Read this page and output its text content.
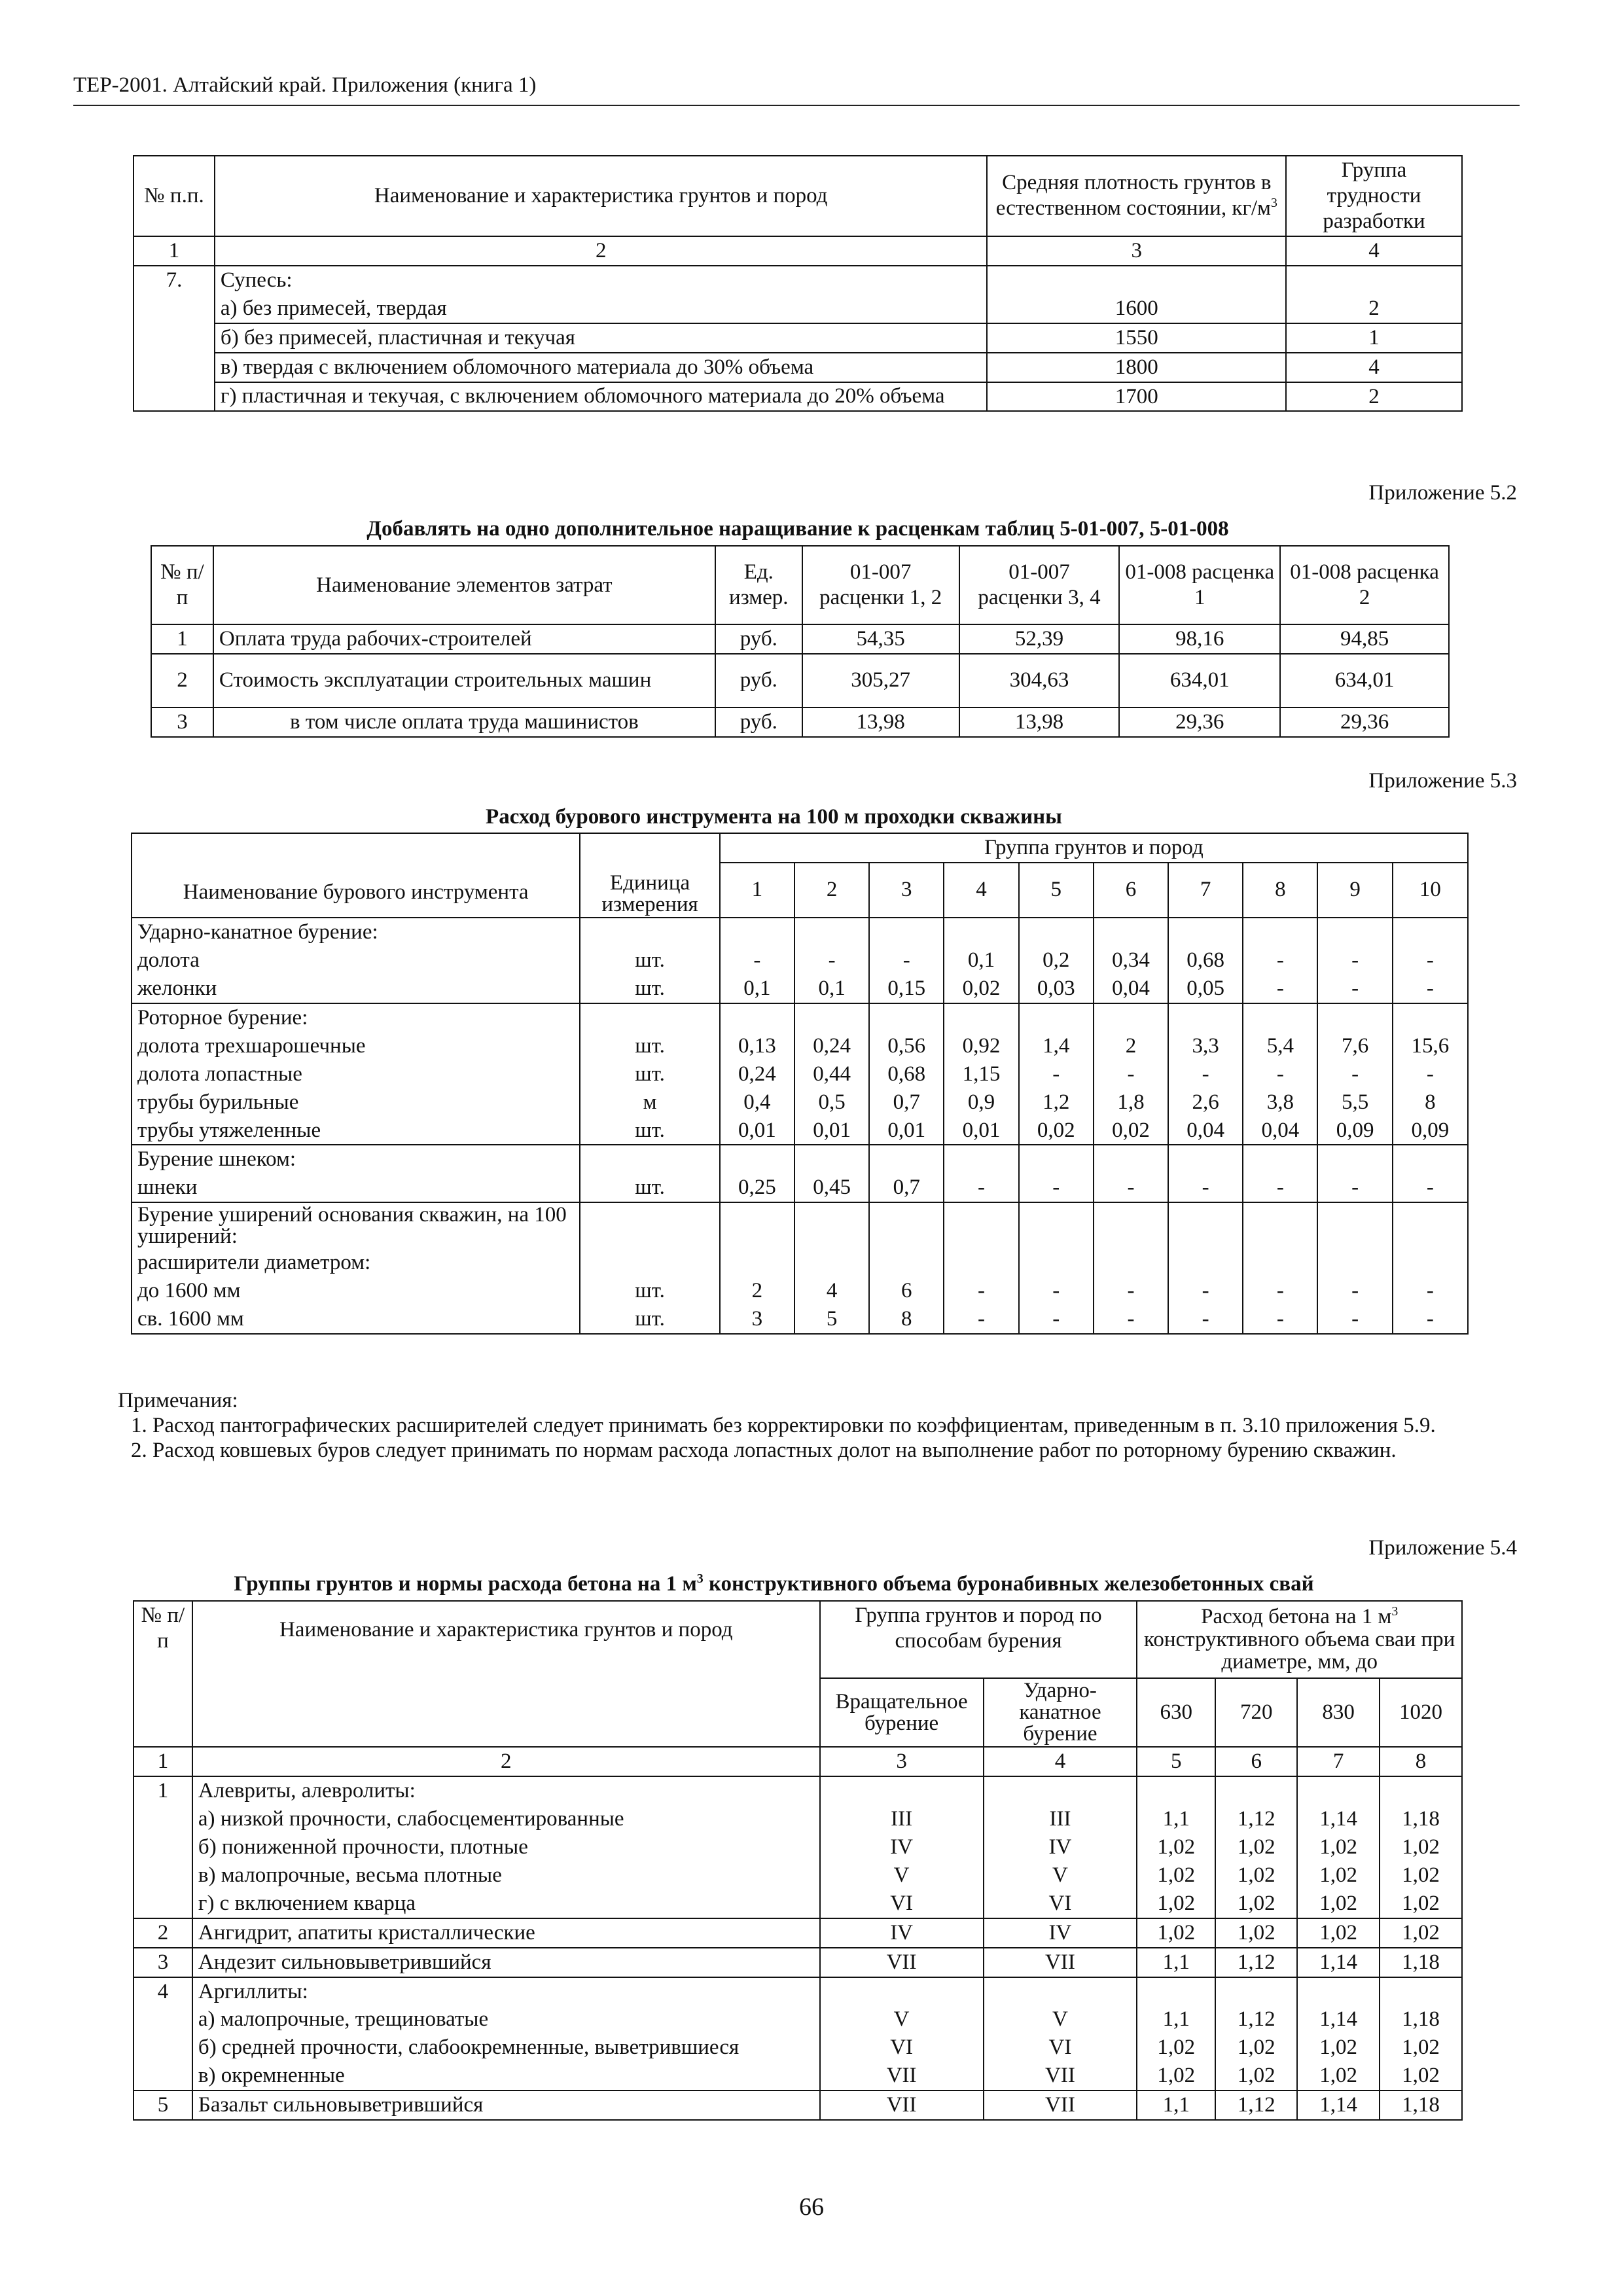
ТЕР-2001. Алтайский край. Приложения (книга 1)
№ п.п.	Наименование и характеристика грунтов и пород	Средняя плотность грунтов в естественном состоянии, $кг/м^3$	Группа трудности разработки
1	2	3	4
7.	Супесь:		
	а) без примесей, твердая	1600	2
	б) без примесей, пластичная и текучая	1550	1
	в) твердая с включением обломочного материала до 30% объема	1800	4
	г) пластичная и текучая, с включением обломочного материала до 20% объема	1700	2
Приложение 5.2
Добавлять на одно дополнительное наращивание к расценкам таблиц 5-01-007, 5-01-008
№ п/п	Наименование элементов затрат	Ед. измер.	01-007 расценки 1, 2	01-007 расценки 3, 4	01-008 расценка 1	01-008 расценка 2
1	Оплата труда рабочих-строителей	руб.	54,35	52,39	98,16	94,85
2	Стоимость эксплуатации строительных машин	руб.	305,27	304,63	634,01	634,01
3	в том числе оплата труда машинистов	руб.	13,98	13,98	29,36	29,36
Приложение 5.3
Расход бурового инструмента на 100 м проходки скважины
Наименование бурового инструмента	Единица измерения	Группа грунтов и пород									
		1	2	3	4	5	6	7	8	9	10
Ударно-канатное бурение:											
долота	шт.	-	-	-	0,1	0,2	0,34	0,68	-	-	-
желонки	шт.	0,1	0,1	0,15	0,02	0,03	0,04	0,05	-	-	-
Роторное бурение:											
долота трехшарошечные	шт.	0,13	0,24	0,56	0,92	1,4	2	3,3	5,4	7,6	15,6
долота лопастные	шт.	0,24	0,44	0,68	1,15	-	-	-	-	-	-
трубы бурильные	м	0,4	0,5	0,7	0,9	1,2	1,8	2,6	3,8	5,5	8
трубы утяжеленные	шт.	0,01	0,01	0,01	0,01	0,02	0,02	0,04	0,04	0,09	0,09
Бурение шнеком:											
шнеки	шт.	0,25	0,45	0,7	-	-	-	-	-	-	-
Бурение уширений основания скважин, на 100 уширений:											
расширители диаметром:											
до 1600 мм	шт.	2	4	6	-	-	-	-	-	-	-
св. 1600 мм	шт.	3	5	8	-	-	-	-	-	-	-
Примечания:
1. Расход пантографических расширителей следует принимать без корректировки по коэффициентам, приведенным в п. 3.10 приложения 5.9.
2. Расход ковшевых буров следует принимать по нормам расхода лопастных долот на выполнение работ по роторному бурению скважин.
Приложение 5.4
Группы грунтов и нормы расхода бетона на 1 $м^3$ конструктивного объема буронабивных железобетонных свай
№ п/п	Наименование и характеристика грунтов и пород	Группа грунтов и пород по способам бурения		Расход бетона на 1 $м^3$ конструктивного объема сваи при диаметре, мм, до			
		Вращательное бурение	Ударно-канатное бурение	630	720	830	1020
1	2	3	4	5	6	7	8
1	Алевриты, алевролиты:						
	а) низкой прочности, слабосцементированные	III	III	1,1	1,12	1,14	1,18
	б) пониженной прочности, плотные	IV	IV	1,02	1,02	1,02	1,02
	в) малопрочные, весьма плотные	V	V	1,02	1,02	1,02	1,02
	г) с включением кварца	VI	VI	1,02	1,02	1,02	1,02
2	Ангидрит, апатиты кристаллические	IV	IV	1,02	1,02	1,02	1,02
3	Андезит сильновыветрившийся	VII	VII	1,1	1,12	1,14	1,18
4	Аргиллиты:						
	а) малопрочные, трещиноватые	V	V	1,1	1,12	1,14	1,18
	б) средней прочности, слабоокремненные, выветрившиеся	VI	VI	1,02	1,02	1,02	1,02
	в) окремненные	VII	VII	1,02	1,02	1,02	1,02
5	Базальт сильновыветрившийся	VII	VII	1,1	1,12	1,14	1,18
66
